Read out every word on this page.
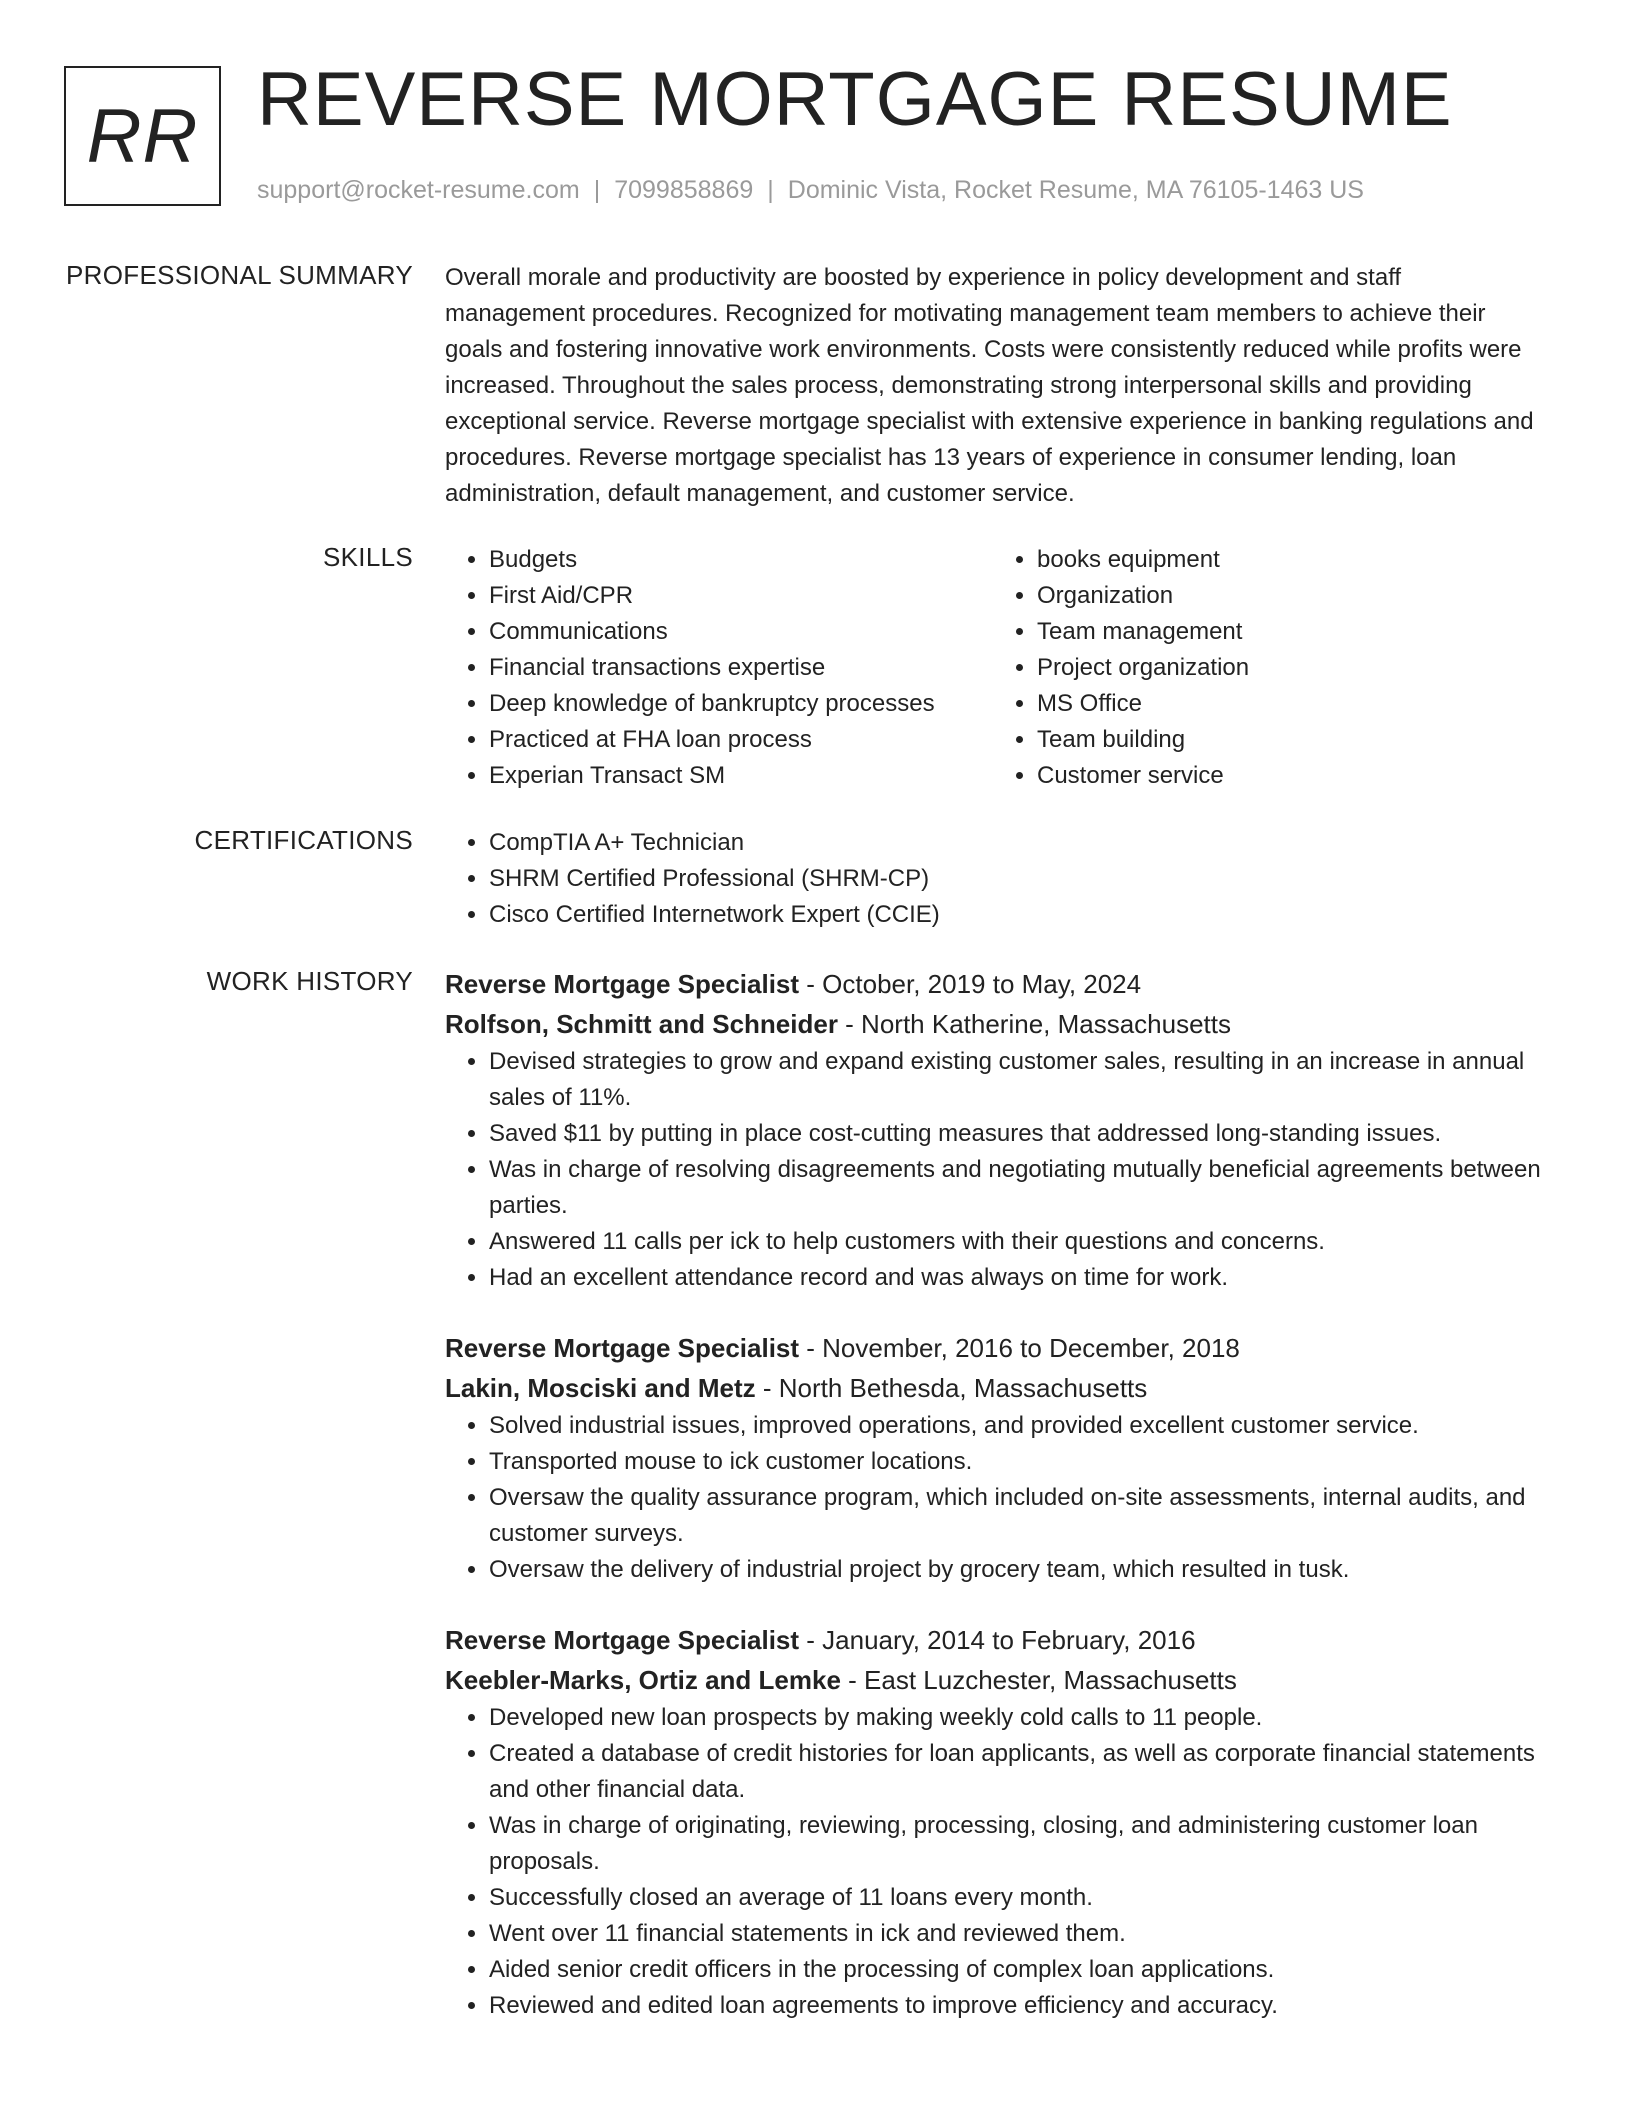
RR REVERSE MORTGAGE RESUME
support@rocket-resume.com | 7099858869 | Dominic Vista, Rocket Resume, MA 76105-1463 US
PROFESSIONAL SUMMARY Overall morale and productivity are boosted by experience in policy development and staff management procedures. Recognized for motivating management team members to achieve their goals and fostering innovative work environments. Costs were consistently reduced while profits were increased. Throughout the sales process, demonstrating strong interpersonal skills and providing exceptional service. Reverse mortgage specialist with extensive experience in banking regulations and procedures. Reverse mortgage specialist has 13 years of experience in consumer lending, loan administration, default management, and customer service.

SKILLS	• Budgets
• First Aid/CPR
• Communications
• Financial transactions expertise
• Deep knowledge of bankruptcy processes
• Practiced at FHA loan process
• Experian Transact SM
• books equipment
• Organization
• Team management
• Project organization
• MS Office
• Team building
• Customer service
CERTIFICATIONS	• CompTIA A+ Technician
• SHRM Certified Professional (SHRM-CP)
• Cisco Certified Internetwork Expert (CCIE)
WORK HISTORY Reverse Mortgage Specialist - October, 2019 to May, 2024
Rolfson, Schmitt and Schneider - North Katherine, Massachusetts
• Devised strategies to grow and expand existing customer sales, resulting in an increase in annual sales of 11%.
• Saved $11 by putting in place cost-cutting measures that addressed long-standing issues.
• Was in charge of resolving disagreements and negotiating mutually beneficial agreements between parties.
• Answered 11 calls per ick to help customers with their questions and concerns.
• Had an excellent attendance record and was always on time for work.
Reverse Mortgage Specialist - November, 2016 to December, 2018
Lakin, Mosciski and Metz - North Bethesda, Massachusetts
• Solved industrial issues, improved operations, and provided excellent customer service.
• Transported mouse to ick customer locations.
• Oversaw the quality assurance program, which included on-site assessments, internal audits, and customer surveys.
• Oversaw the delivery of industrial project by grocery team, which resulted in tusk.
Reverse Mortgage Specialist - January, 2014 to February, 2016
Keebler-Marks, Ortiz and Lemke - East Luzchester, Massachusetts
• Developed new loan prospects by making weekly cold calls to 11 people.
• Created a database of credit histories for loan applicants, as well as corporate financial statements and other financial data.
• Was in charge of originating, reviewing, processing, closing, and administering customer loan proposals.
• Successfully closed an average of 11 loans every month.
• Went over 11 financial statements in ick and reviewed them.
• Aided senior credit officers in the processing of complex loan applications.
• Reviewed and edited loan agreements to improve efficiency and accuracy.
